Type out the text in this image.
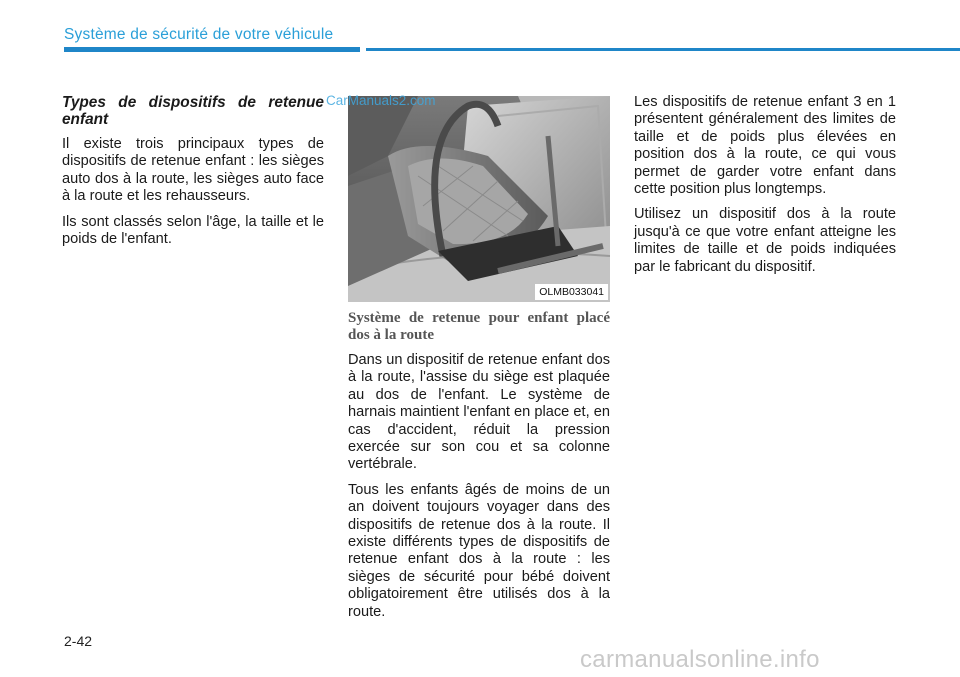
Système de sécurité de votre véhicule

Types de dispositifs de retenue enfant

Il existe trois principaux types de dispositifs de retenue enfant : les sièges auto dos à la route, les sièges auto face à la route et les rehausseurs.

Ils sont classés selon l'âge, la taille et le poids de l'enfant.

OLMB033041
CarManuals2.com

Système de retenue pour enfant placé dos à la route

Dans un dispositif de retenue enfant dos à la route, l'assise du siège est plaquée au dos de l'enfant. Le système de harnais maintient l'enfant en place et, en cas d'accident, réduit la pression exercée sur son cou et sa colonne vertébrale.

Tous les enfants âgés de moins de un an doivent toujours voyager dans des dispositifs de retenue dos à la route. Il existe différents types de dispositifs de retenue enfant dos à la route : les sièges de sécurité pour bébé doivent obligatoirement être utilisés dos à la route.

Les dispositifs de retenue enfant 3 en 1 présentent généralement des limites de taille et de poids plus élevées en position dos à la route, ce qui vous permet de garder votre enfant dans cette position plus longtemps.

Utilisez un dispositif dos à la route jusqu'à ce que votre enfant atteigne les limites de taille et de poids indiquées par le fabricant du dispositif.

2-42
carmanualsonline.info
